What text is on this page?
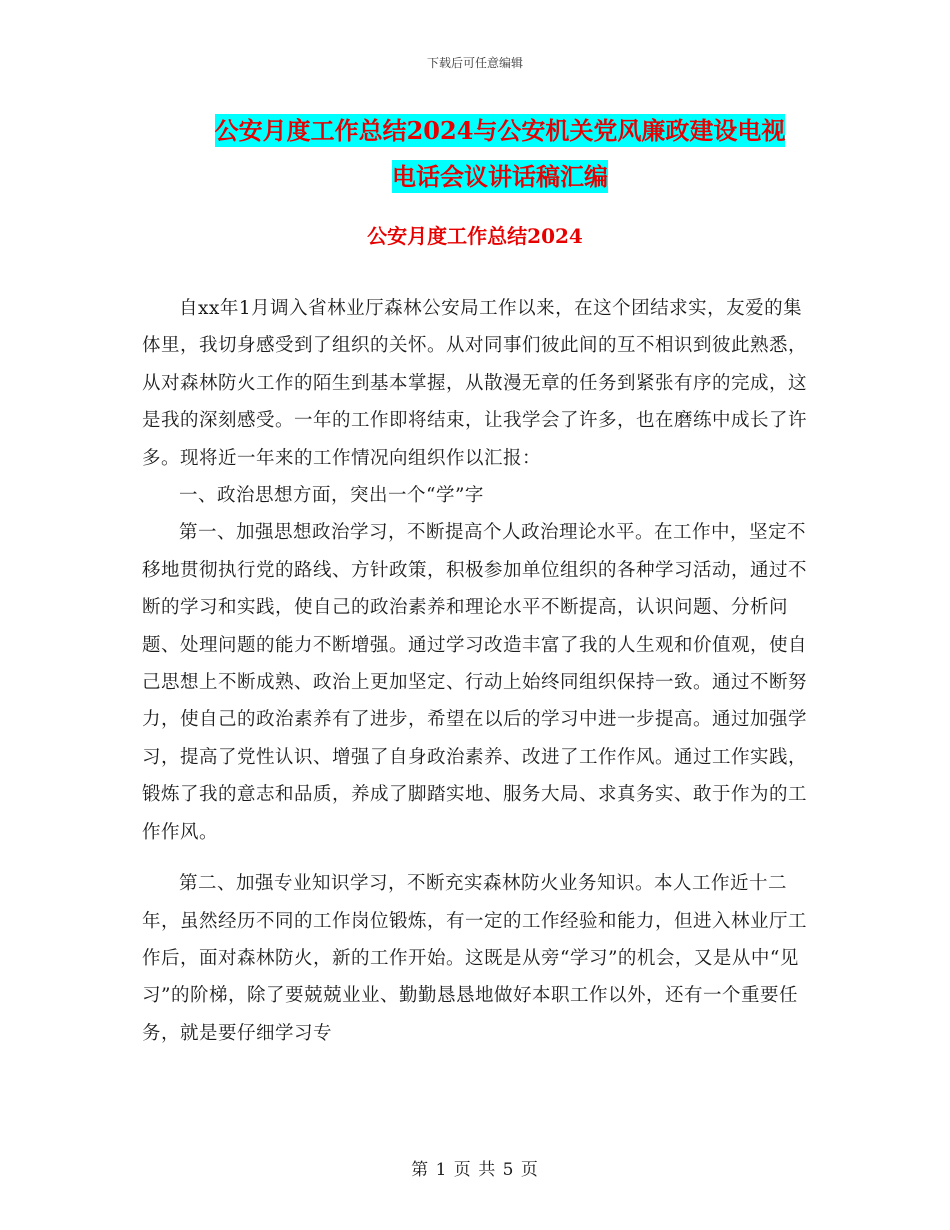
下载后可任意编辑
公安月度工作总结2024与公安机关党风廉政建设电视
电话会议讲话稿汇编
公安月度工作总结2024

自xx年1月调入省林业厅森林公安局工作以来，在这个团结求实，友爱的集体里，我切身感受到了组织的关怀。从对同事们彼此间的互不相识到彼此熟悉，从对森林防火工作的陌生到基本掌握，从散漫无章的任务到紧张有序的完成，这是我的深刻感受。一年的工作即将结束，让我学会了许多，也在磨练中成长了许多。现将近一年来的工作情况向组织作以汇报：

一、政治思想方面，突出一个“学”字

第一、加强思想政治学习，不断提高个人政治理论水平。在工作中，坚定不移地贯彻执行党的路线、方针政策，积极参加单位组织的各种学习活动，通过不断的学习和实践，使自己的政治素养和理论水平不断提高，认识问题、分析问题、处理问题的能力不断增强。通过学习改造丰富了我的人生观和价值观，使自己思想上不断成熟、政治上更加坚定、行动上始终同组织保持一致。通过不断努力，使自己的政治素养有了进步，希望在以后的学习中进一步提高。通过加强学习，提高了党性认识、增强了自身政治素养、改进了工作作风。通过工作实践，锻炼了我的意志和品质，养成了脚踏实地、服务大局、求真务实、敢于作为的工作作风。

第二、加强专业知识学习，不断充实森林防火业务知识。本人工作近十二年，虽然经历不同的工作岗位锻炼，有一定的工作经验和能力，但进入林业厅工作后，面对森林防火，新的工作开始。这既是从旁“学习”的机会，又是从中“见习”的阶梯，除了要兢兢业业、勤勤恳恳地做好本职工作以外，还有一个重要任务，就是要仔细学习专

第 1 页 共 5 页
